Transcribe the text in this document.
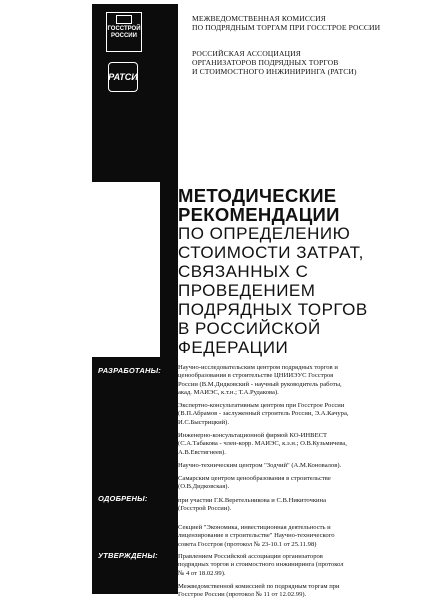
ГОССТРОЙ РОССИИ
РАТСИ
МЕЖВЕДОМСТВЕННАЯ КОМИССИЯ
ПО ПОДРЯДНЫМ ТОРГАМ ПРИ ГОССТРОЕ РОССИИ
РОССИЙСКАЯ АССОЦИАЦИЯ
ОРГАНИЗАТОРОВ ПОДРЯДНЫХ ТОРГОВ
И СТОИМОСТНОГО ИНЖИНИРИНГА (РАТСИ)
МЕТОДИЧЕСКИЕ
РЕКОМЕНДАЦИИ
ПО ОПРЕДЕЛЕНИЮ
СТОИМОСТИ ЗАТРАТ,
СВЯЗАННЫХ С
ПРОВЕДЕНИЕМ
ПОДРЯДНЫХ ТОРГОВ
В РОССИЙСКОЙ
ФЕДЕРАЦИИ
РАЗРАБОТАНЫ:
ОДОБРЕНЫ:
УТВЕРЖДЕНЫ:
Научно-исследовательским центром подрядных торгов и
ценообразования в строительстве ЦНИИЭУС Госстроя
России (В.М.Дидковский - научный руководитель работы,
акад. МАИЭС, к.т.н.; Т.А.Рудакова).
Экспертно-консультативным центром при Госстрое России
(В.П.Абрамов - заслуженный строитель России, Э.А.Качура,
И.С.Быстрицкий).
Инженерно-консультационной фирмой КО-ИНВЕСТ
(С.А.Табакова - член-корр. МАИЭС, к.э.н.; О.В.Кузьмичева,
А.В.Евстигнеев).
Научно-техническим центром "Зодчий" (А.М.Коновалов).
Самарским центром ценообразования в строительстве
(О.В.Дидковская).
при участии Г.К.Веретельникова и С.В.Никиточкина
(Госстрой России).
Секцией "Экономика, инвестиционная деятельность и
лицензирование в строительстве" Научно-технического
совета Госстроя (протокол № 23-10.1 от 25.11.98)
Правлением Российской ассоциации организаторов
подрядных торгов и стоимостного инжиниринга (протокол
№ 4 от 18.02.99).
Межведомственной комиссией по подрядным торгам при
Госстрое России (протокол № 11 от 12.02.99).
